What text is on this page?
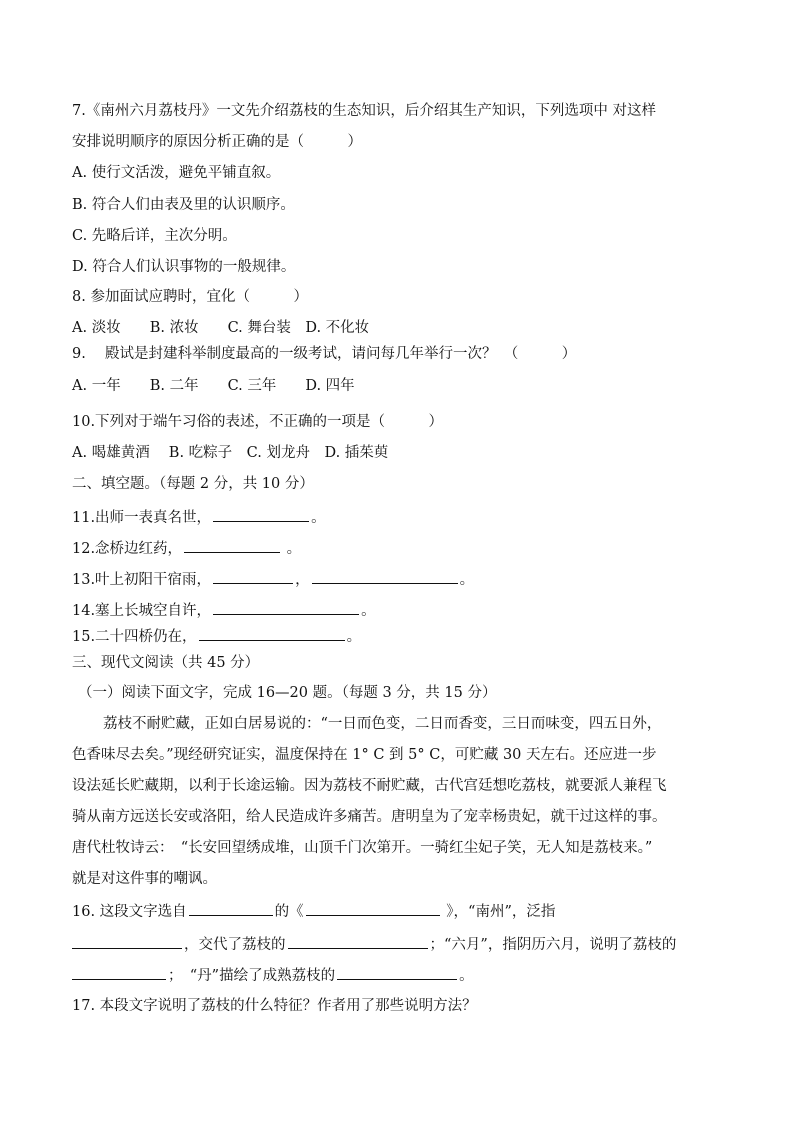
7.《南州六月荔枝丹》一文先介绍荔枝的生态知识，后介绍其生产知识，下列选项中 对这样
安排说明顺序的原因分析正确的是（　　　）
A. 使行文活泼，避免平铺直叙。
B. 符合人们由表及里的认识顺序。
C. 先略后详，主次分明。
D. 符合人们认识事物的一般规律。
8. 参加面试应聘时，宜化（　　　）
A. 淡妆　　B. 浓妆　　C. 舞台装　D. 不化妆
9.　 殿试是封建科举制度最高的一级考试，请问每几年举行一次？　（　　　）
A. 一年　　B. 二年　　C. 三年　　D. 四年
10.下列对于端午习俗的表述，不正确的一项是（　　　）
A. 喝雄黄酒　 B. 吃粽子　C. 划龙舟　D. 插茱萸
二、填空题。（每题 2 分，共 10 分）
11.出师一表真名世，	。
12.念桥边红药，	。
13.叶上初阳干宿雨，	，	。
14.塞上长城空自许，	。
15.二十四桥仍在，	。
三、现代文阅读（共 45 分）
（一）阅读下面文字，完成 16—20 题。（每题 3 分，共 15 分）
荔枝不耐贮藏，正如白居易说的：“一日而色变，二日而香变，三日而味变，四五日外，
色香味尽去矣。”现经研究证实，温度保持在 1° C 到 5° C，可贮藏 30 天左右。还应进一步
设法延长贮藏期，以利于长途运输。因为荔枝不耐贮藏，古代宫廷想吃荔枝，就要派人兼程飞
骑从南方远送长安或洛阳，给人民造成许多痛苦。唐明皇为了宠幸杨贵妃，就干过这样的事。
唐代杜牧诗云：　“长安回望绣成堆，山顶千门次第开。一骑红尘妃子笑，无人知是荔枝来。”
就是对这件事的嘲讽。
16. 这段文字选自	的《	》，“南州”，泛指
，交代了荔枝的	；“六月”，指阴历六月，说明了荔枝的
；　“丹”描绘了成熟荔枝的	。
17. 本段文字说明了荔枝的什么特征？作者用了那些说明方法？
